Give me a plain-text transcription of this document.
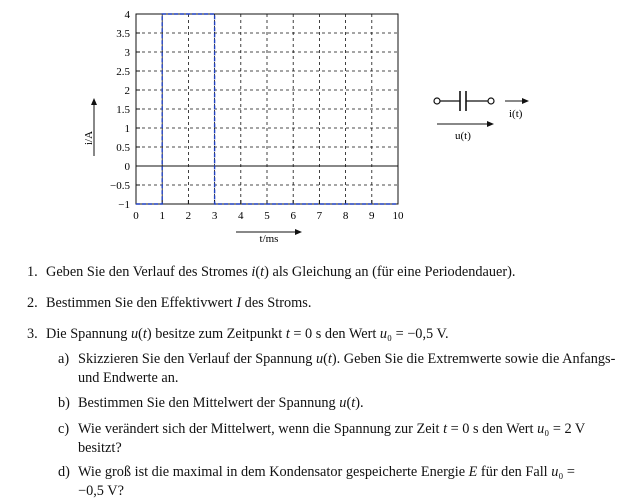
−1
−0.5
0
0.5
1
1.5
2
2.5
3
3.5
4
0 1 2 3 4 5 6 7 8 9 10
t/ms
i/A
i(t)
u(t)
1. Geben Sie den Verlauf des Stromes i(t) als Gleichung an (für eine Periodendauer).
2. Bestimmen Sie den Effektivwert I des Stroms.
3. Die Spannung u(t) besitze zum Zeitpunkt t = 0 s den Wert u₀ = −0,5 V.
a) Skizzieren Sie den Verlauf der Spannung u(t). Geben Sie die Extremwerte sowie die Anfangs-
und Endwerte an.
b) Bestimmen Sie den Mittelwert der Spannung u(t).
c) Wie verändert sich der Mittelwert, wenn die Spannung zur Zeit t = 0 s den Wert u₀ = 2 V
besitzt?
d) Wie groß ist die maximal in dem Kondensator gespeicherte Energie E für den Fall u₀ =
−0,5 V?
